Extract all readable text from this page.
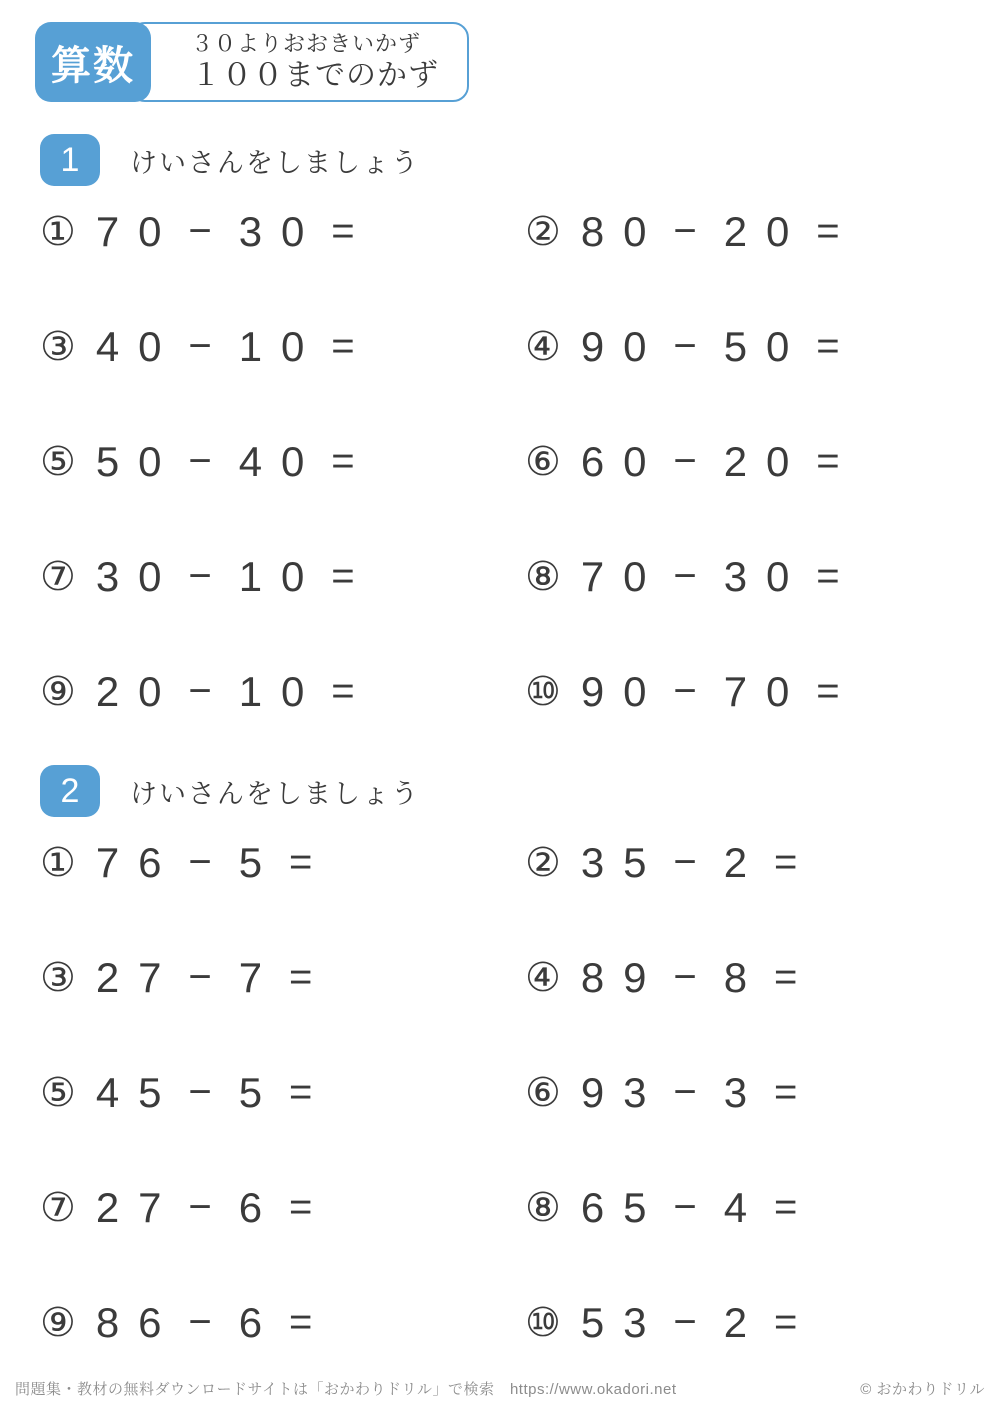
算数	３０よりおおきいかず
１００までのかず
1	けいさんをしましょう
① 70 − 30 =	② 80 − 20 =
③ 40 − 10 =	④ 90 − 50 =
⑤ 50 − 40 =	⑥ 60 − 20 =
⑦ 30 − 10 =	⑧ 70 − 30 =
⑨ 20 − 10 =	⑩ 90 − 70 =
2	けいさんをしましょう
① 76 − 5 =	② 35 − 2 =
③ 27 − 7 =	④ 89 − 8 =
⑤ 45 − 5 =	⑥ 93 − 3 =
⑦ 27 − 6 =	⑧ 65 − 4 =
⑨ 86 − 6 =	⑩ 53 − 2 =
問題集・教材の無料ダウンロードサイトは「おかわりドリル」で検索　https://www.okadori.net	© おかわりドリル
